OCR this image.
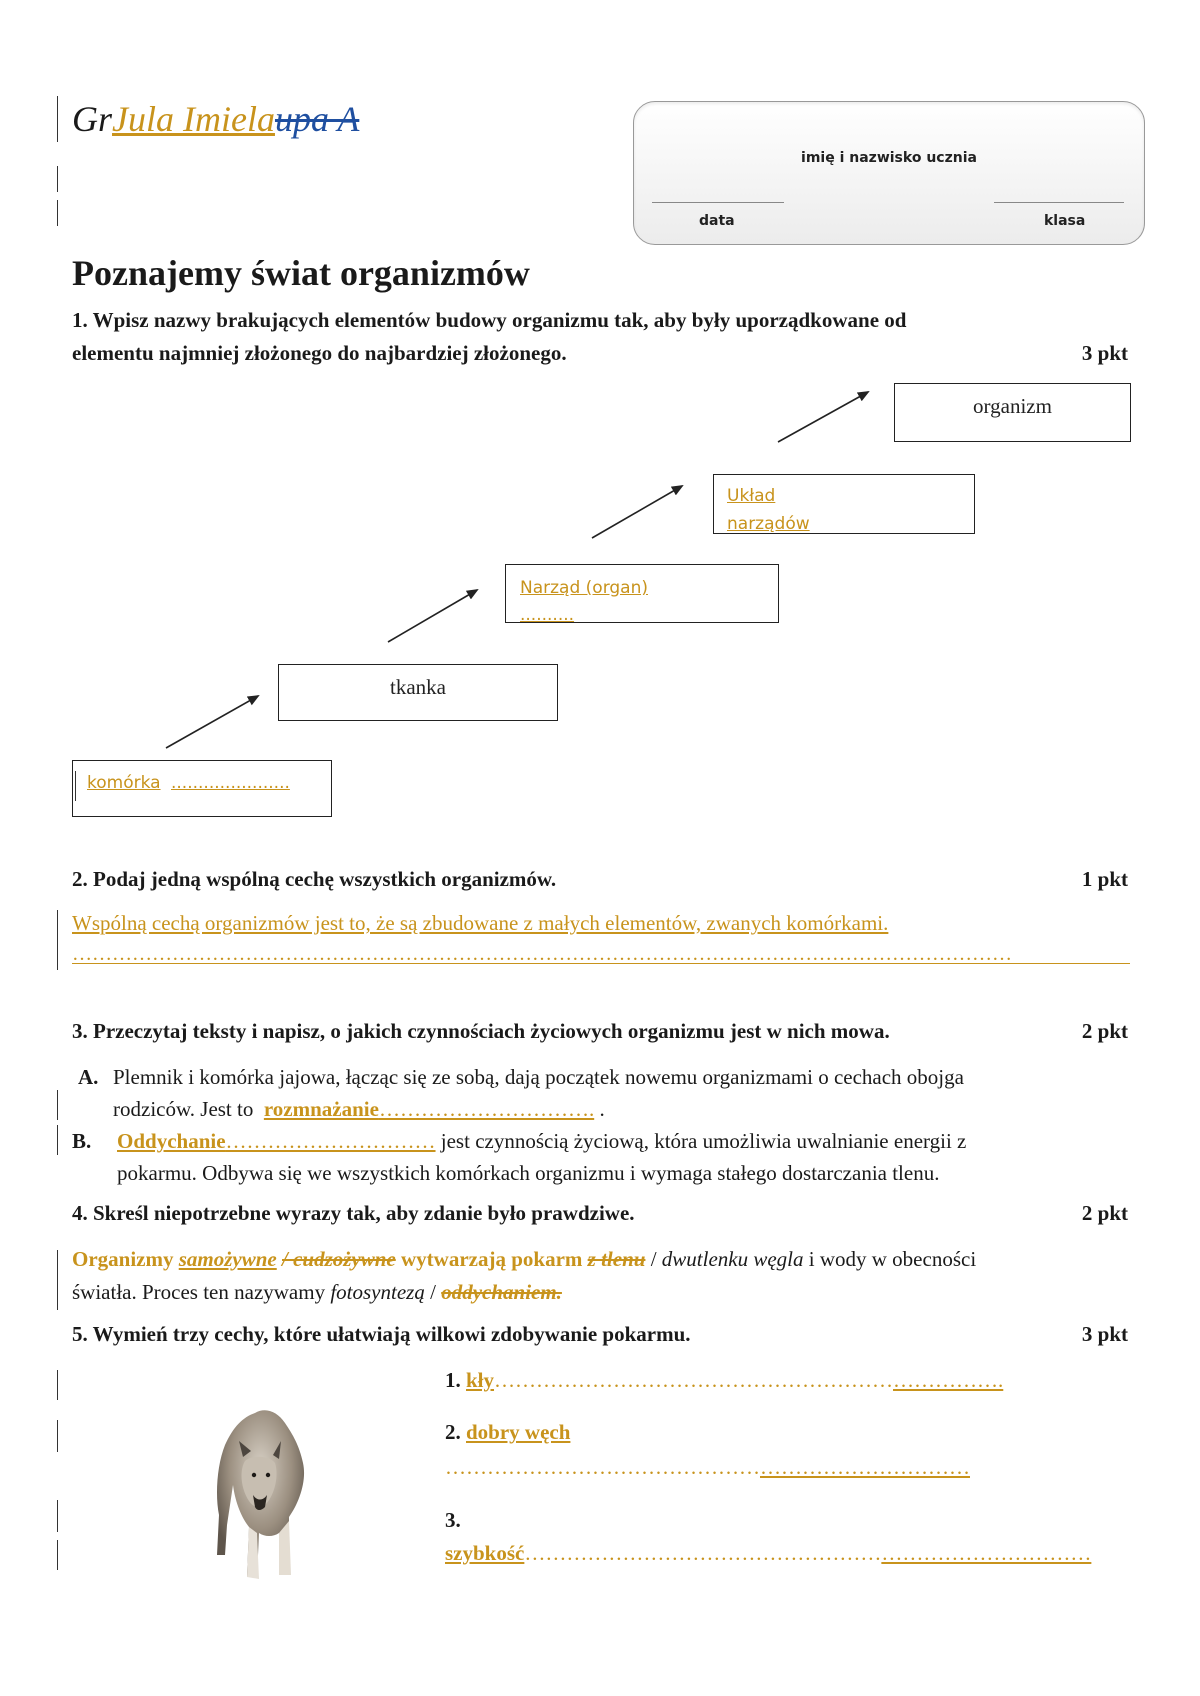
GrJula Imielaupa A
imię i nazwisko ucznia
data	klasa
Poznajemy świat organizmów
1. Wpisz nazwy brakujących elementów budowy organizmu tak, aby były uporządkowane od
elementu najmniej złożonego do najbardziej złożonego.	3 pkt
komórka ......................
tkanka
Narząd (organ)
..........
Układ
narządów
organizm
2. Podaj jedną wspólną cechę wszystkich organizmów.	1 pkt
Wspólną cechą organizmów jest to, że są zbudowane z małych elementów, zwanych komórkami.
……………………………………………………………………………………………………………………………
3. Przeczytaj teksty i napisz, o jakich czynnościach życiowych organizmu jest w nich mowa.	2 pkt
A. Plemnik i komórka jajowa, łącząc się ze sobą, dają początek nowemu organizmami o cechach obojga
rodziców. Jest to rozmnażanie…………………………. .
B. Oddychanie………………………… jest czynnością życiową, która umożliwia uwalnianie energii z
pokarmu. Odbywa się we wszystkich komórkach organizmu i wymaga stałego dostarczania tlenu.
4. Skreśl niepotrzebne wyrazy tak, aby zdanie było prawdziwe.	2 pkt
Organizmy samożywne / cudzożywne wytwarzają pokarm z tlenu / dwutlenku węgla i wody w obecności
światła. Proces ten nazywamy fotosyntezą / oddychaniem.
5. Wymień trzy cechy, które ułatwiają wilkowi zdobywanie pokarmu.	3 pkt
1. kły……………………………………………………………….
2. dobry węch
…………………………………………………………………
3.
szybkość………………………………………………………………………
